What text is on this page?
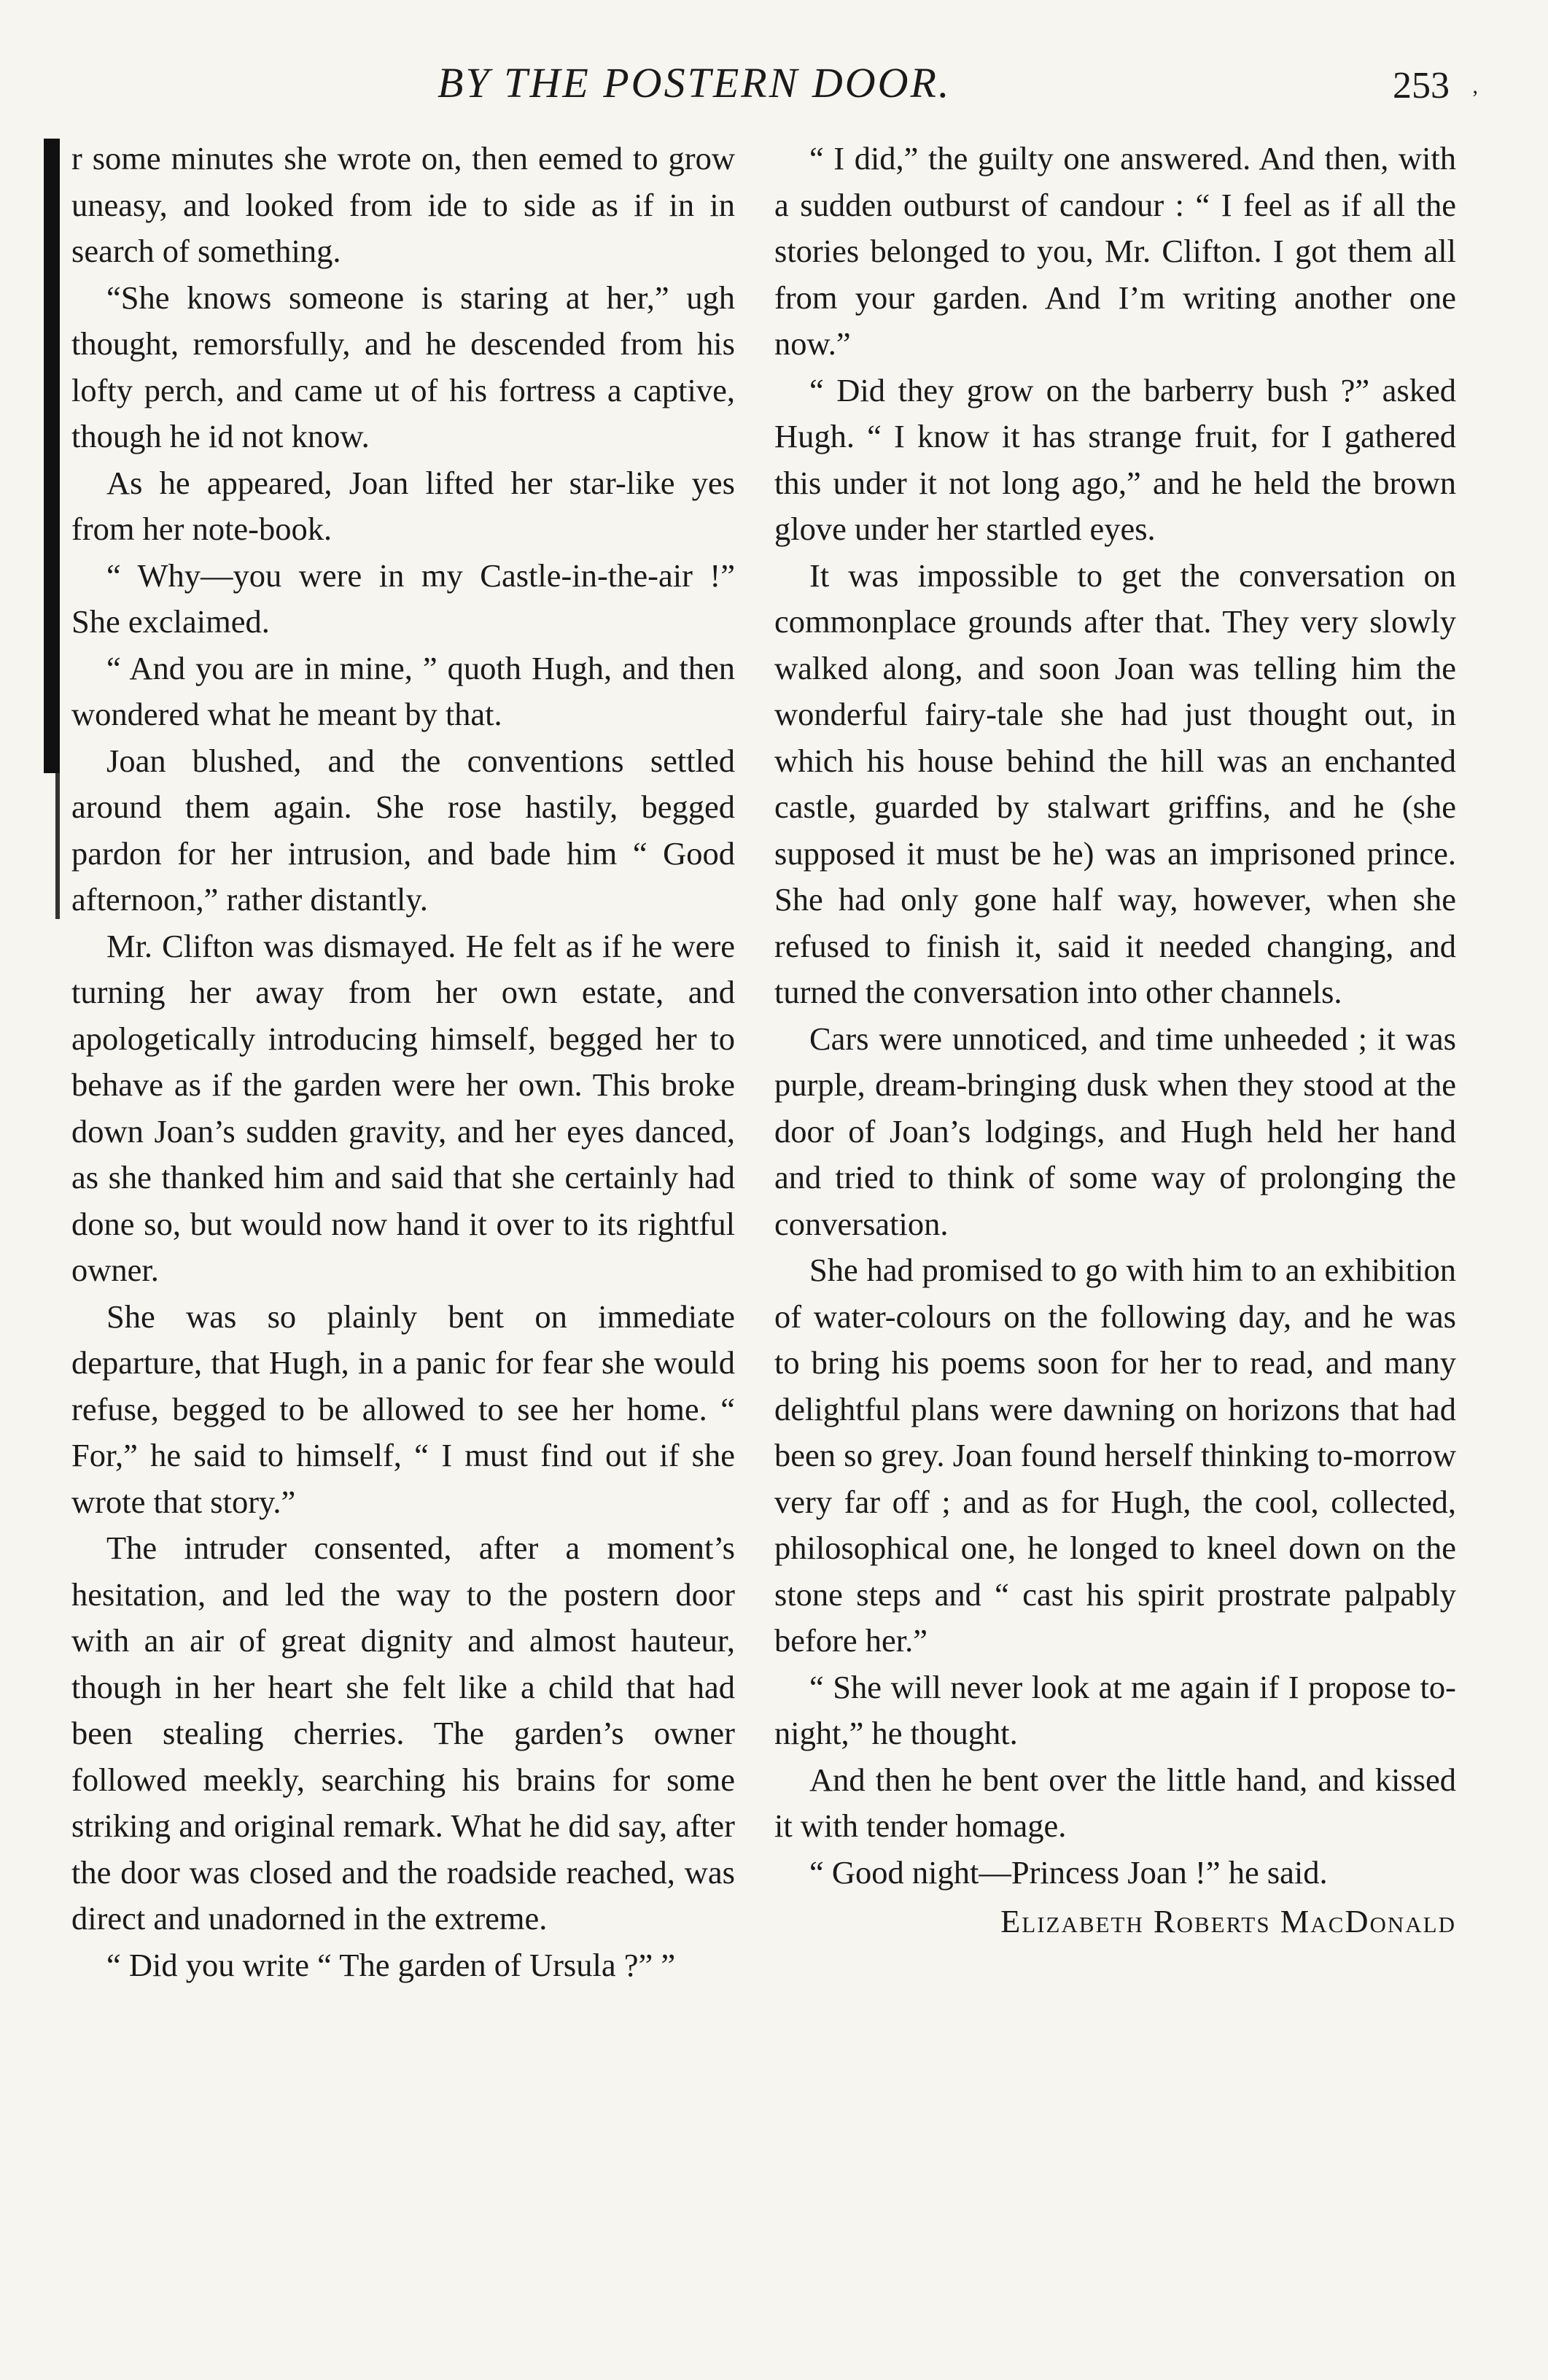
BY THE POSTERN DOOR.	253 ’

r some minutes she wrote on, then eemed to grow uneasy, and looked from ide to side as if in in search of something.

“She knows someone is staring at her,” ugh thought, remorsfully, and he descended from his lofty perch, and came ut of his fortress a captive, though he id not know.

As he appeared, Joan lifted her star-like yes from her note-book.

“ Why—you were in my Castle-in-the-air !” She exclaimed.

“ And you are in mine, ” quoth Hugh, and then wondered what he meant by that.

Joan blushed, and the conventions settled around them again. She rose hastily, begged pardon for her intrusion, and bade him “ Good afternoon,” rather distantly.

Mr. Clifton was dismayed. He felt as if he were turning her away from her own estate, and apologetically introducing himself, begged her to behave as if the garden were her own. This broke down Joan’s sudden gravity, and her eyes danced, as she thanked him and said that she certainly had done so, but would now hand it over to its rightful owner.

She was so plainly bent on immediate departure, that Hugh, in a panic for fear she would refuse, begged to be allowed to see her home. “ For,” he said to himself, “ I must find out if she wrote that story.”

The intruder consented, after a moment’s hesitation, and led the way to the postern door with an air of great dignity and almost hauteur, though in her heart she felt like a child that had been stealing cherries. The garden’s owner followed meekly, searching his brains for some striking and original remark. What he did say, after the door was closed and the roadside reached, was direct and unadorned in the extreme.

“ Did you write “ The garden of Ursula ?” ”

“ I did,” the guilty one answered. And then, with a sudden outburst of candour : “ I feel as if all the stories belonged to you, Mr. Clifton. I got them all from your garden. And I’m writing another one now.”

“ Did they grow on the barberry bush ?” asked Hugh. “ I know it has strange fruit, for I gathered this under it not long ago,” and he held the brown glove under her startled eyes.

It was impossible to get the conversation on commonplace grounds after that. They very slowly walked along, and soon Joan was telling him the wonderful fairy-tale she had just thought out, in which his house behind the hill was an enchanted castle, guarded by stalwart griffins, and he (she supposed it must be he) was an imprisoned prince. She had only gone half way, however, when she refused to finish it, said it needed changing, and turned the conversation into other channels.

Cars were unnoticed, and time unheeded ; it was purple, dream-bringing dusk when they stood at the door of Joan’s lodgings, and Hugh held her hand and tried to think of some way of prolonging the conversation.

She had promised to go with him to an exhibition of water-colours on the following day, and he was to bring his poems soon for her to read, and many delightful plans were dawning on horizons that had been so grey. Joan found herself thinking to-morrow very far off ; and as for Hugh, the cool, collected, philosophical one, he longed to kneel down on the stone steps and “ cast his spirit prostrate palpably before her.”

“ She will never look at me again if I propose to-night,” he thought.

And then he bent over the little hand, and kissed it with tender homage.

“ Good night—Princess Joan !” he said.

Elizabeth Roberts MacDonald
